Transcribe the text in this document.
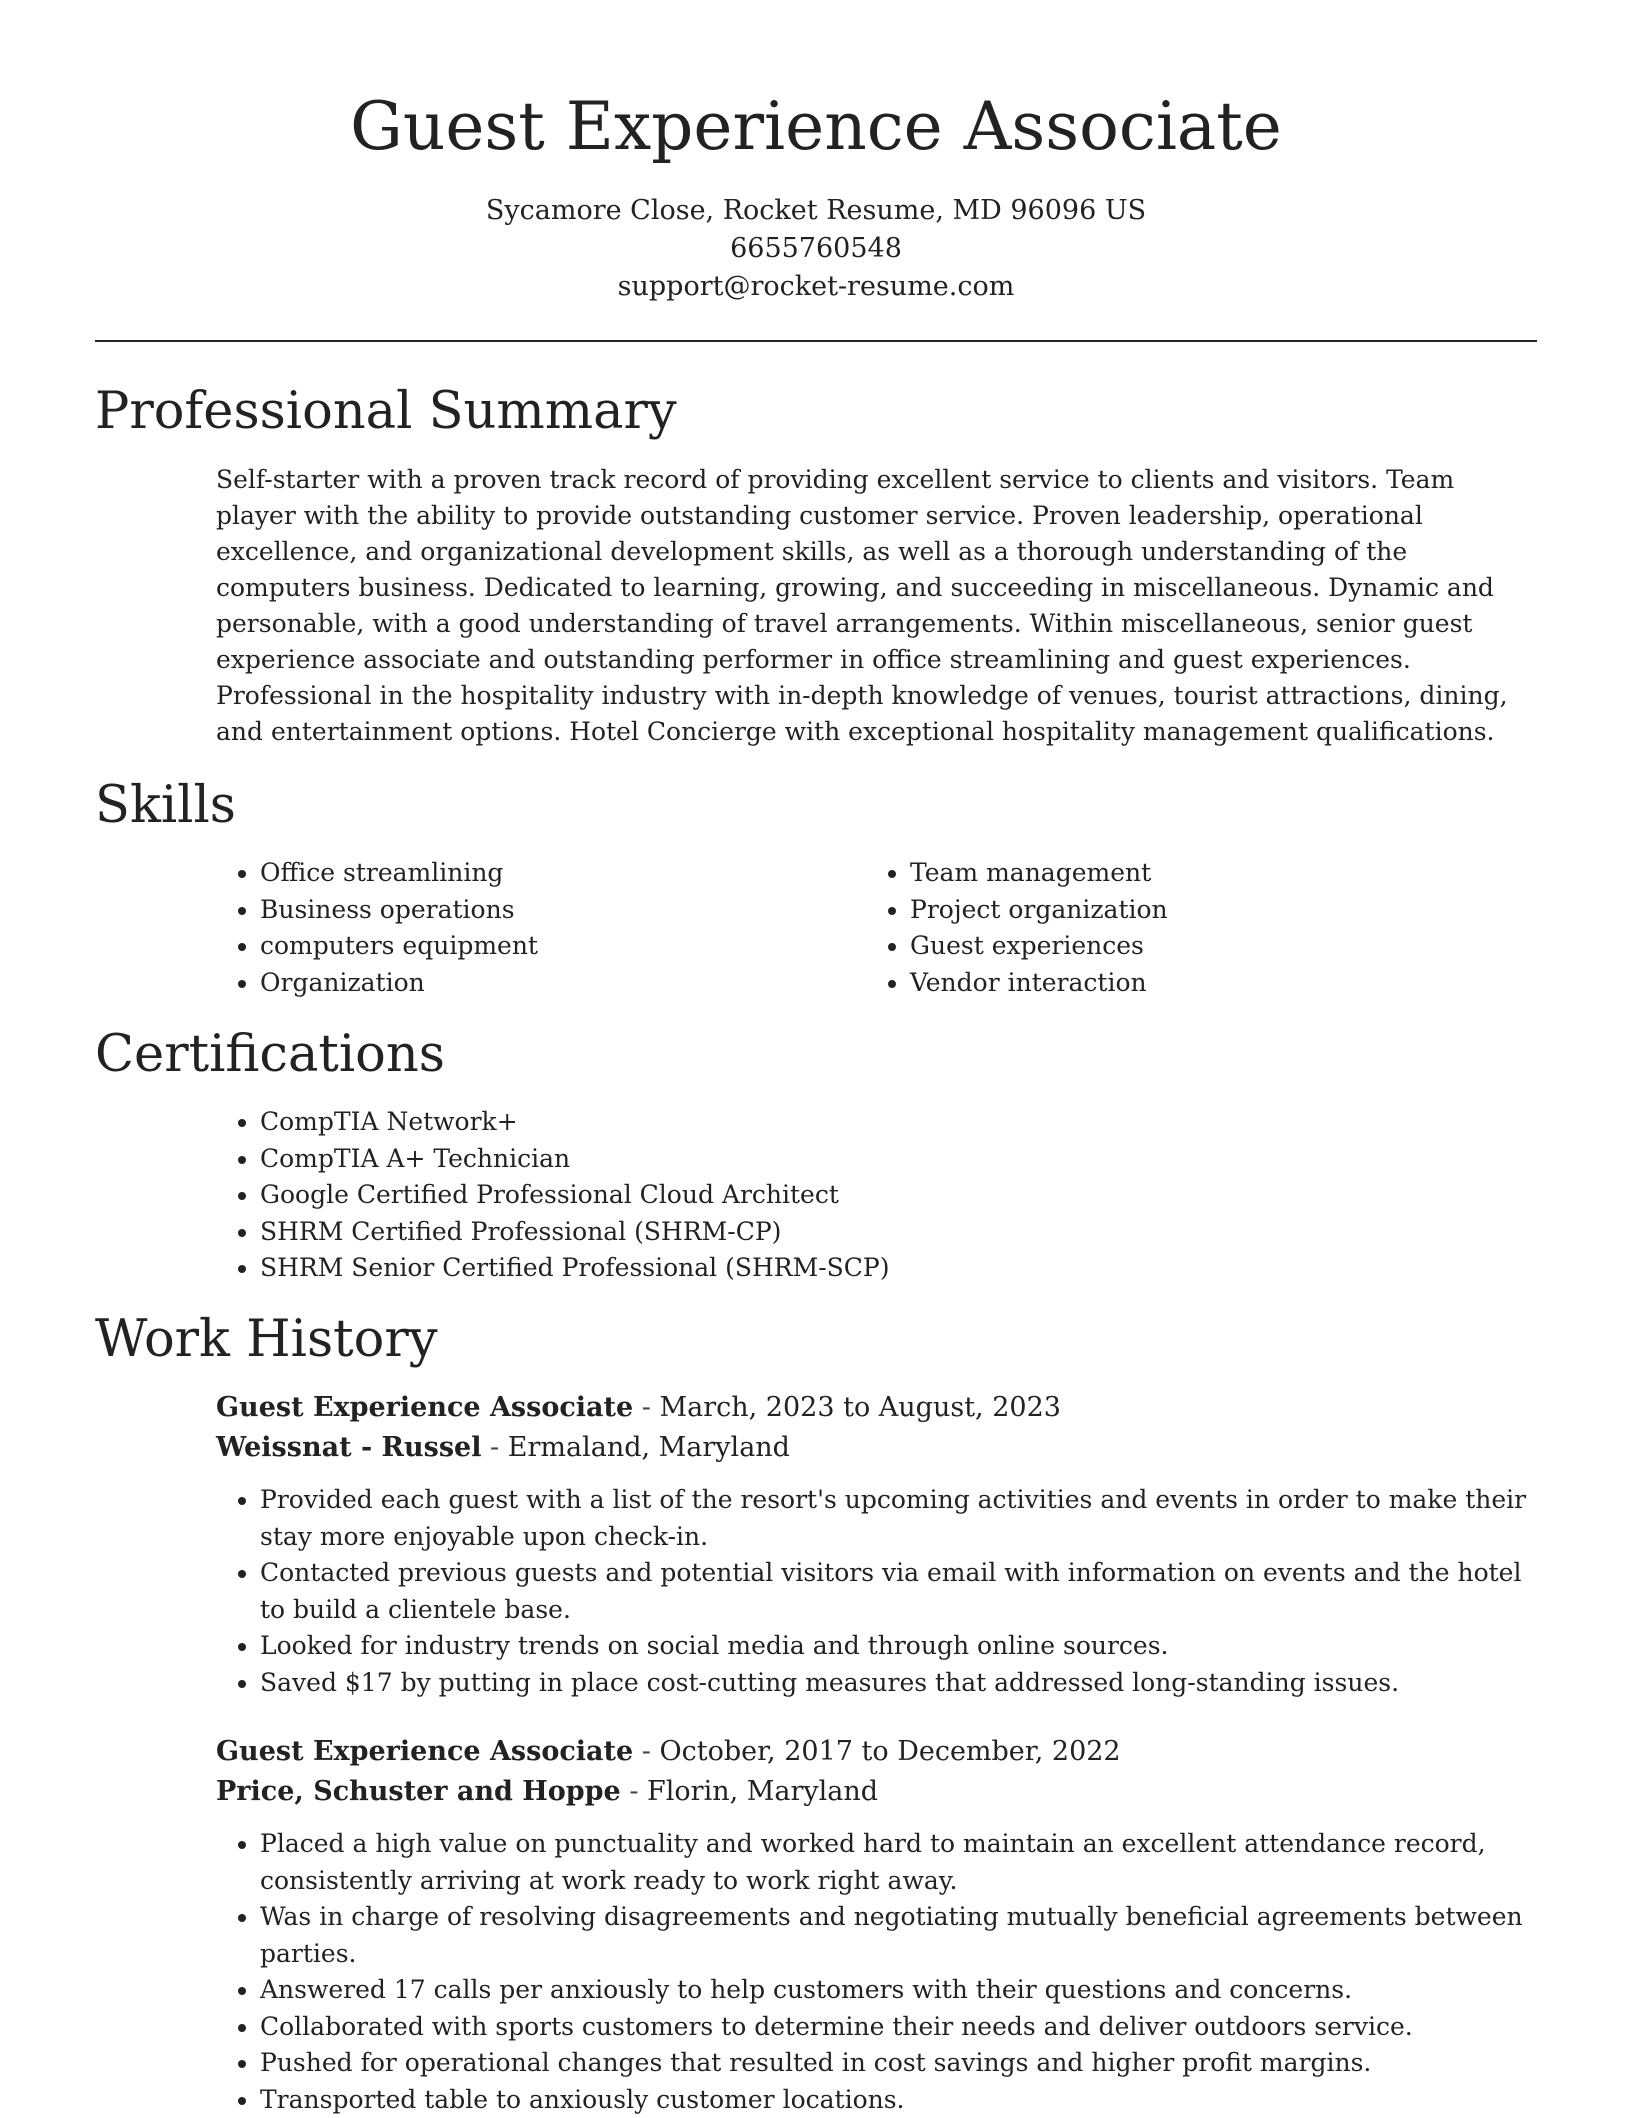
Guest Experience Associate
Sycamore Close, Rocket Resume, MD 96096 US
6655760548
support@rocket-resume.com
Professional Summary

Self-starter with a proven track record of providing excellent service to clients and visitors. Team player with the ability to provide outstanding customer service. Proven leadership, operational excellence, and organizational development skills, as well as a thorough understanding of the computers business. Dedicated to learning, growing, and succeeding in miscellaneous. Dynamic and personable, with a good understanding of travel arrangements. Within miscellaneous, senior guest experience associate and outstanding performer in office streamlining and guest experiences. Professional in the hospitality industry with in-depth knowledge of venues, tourist attractions, dining, and entertainment options. Hotel Concierge with exceptional hospitality management qualifications.

Skills
• Office streamlining
• Business operations
• computers equipment
• Organization
• Team management
• Project organization
• Guest experiences
• Vendor interaction
Certifications
• CompTIA Network+
• CompTIA A+ Technician
• Google Certified Professional Cloud Architect
• SHRM Certified Professional (SHRM-CP)
• SHRM Senior Certified Professional (SHRM-SCP)
Work History
Guest Experience Associate - March, 2023 to August, 2023
Weissnat - Russel - Ermaland, Maryland
• Provided each guest with a list of the resort's upcoming activities and events in order to make their stay more enjoyable upon check-in.
• Contacted previous guests and potential visitors via email with information on events and the hotel to build a clientele base.
• Looked for industry trends on social media and through online sources.
• Saved $17 by putting in place cost-cutting measures that addressed long-standing issues.
Guest Experience Associate - October, 2017 to December, 2022
Price, Schuster and Hoppe - Florin, Maryland
• Placed a high value on punctuality and worked hard to maintain an excellent attendance record, consistently arriving at work ready to work right away.
• Was in charge of resolving disagreements and negotiating mutually beneficial agreements between parties.
• Answered 17 calls per anxiously to help customers with their questions and concerns.
• Collaborated with sports customers to determine their needs and deliver outdoors service.
• Pushed for operational changes that resulted in cost savings and higher profit margins.
• Transported table to anxiously customer locations.
